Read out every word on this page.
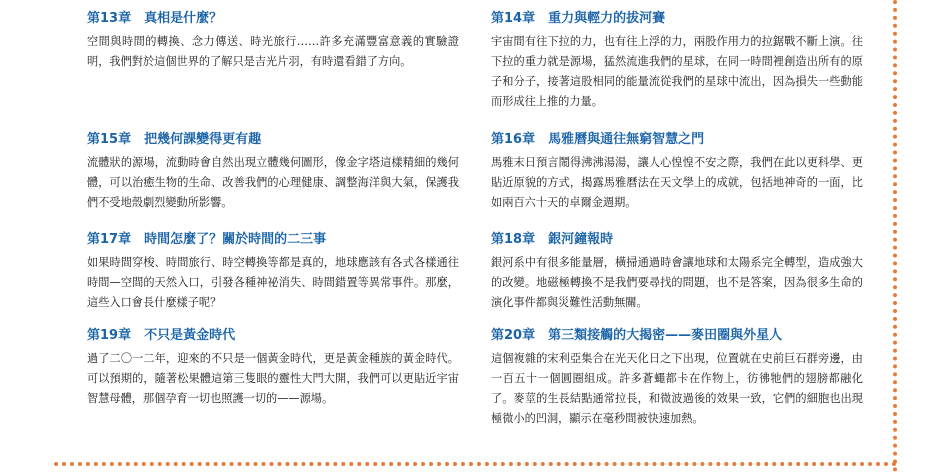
第13章　真相是什麼？

空間與時間的轉換、念力傳送、時光旅行……許多充滿豐富意義的實驗證明，我們對於這個世界的了解只是吉光片羽，有時還看錯了方向。

第14章　重力與輕力的拔河賽

宇宙間有往下拉的力，也有往上浮的力，兩股作用力的拉鋸戰不斷上演。往下拉的重力就是源場，猛然流進我們的星球，在同一時間裡創造出所有的原子和分子，接著這股相同的能量流從我們的星球中流出，因為損失一些動能而形成往上推的力量。

第15章　把幾何課變得更有趣

流體狀的源場，流動時會自然出現立體幾何圖形，像金字塔這樣精細的幾何體，可以治癒生物的生命、改善我們的心理健康、調整海洋與大氣，保護我們不受地殼劇烈變動所影響。

第16章　馬雅曆與通往無窮智慧之門

馬雅末日預言鬧得沸沸湯湯，讓人心惶惶不安之際，我們在此以更科學、更貼近原貌的方式，揭露馬雅曆法在天文學上的成就，包括地神奇的一面，比如兩百六十天的卓爾金週期。

第17章　時間怎麼了？關於時間的二三事

如果時間穿梭、時間旅行、時空轉換等都是真的，地球應該有各式各樣通往時間—空間的天然入口，引發各種神祕消失、時間錯置等異常事件。那麼，這些入口會長什麼樣子呢？

第18章　銀河鐘報時

銀河系中有很多能量層，橫掃通過時會讓地球和太陽系完全轉型，造成強大的改變。地磁極轉換不是我們要尋找的問題，也不是答案，因為很多生命的演化事件都與災難性活動無關。

第19章　不只是黃金時代

過了二〇一二年，迎來的不只是一個黃金時代，更是黃金種族的黃金時代。可以預期的，隨著松果體這第三隻眼的靈性大門大開，我們可以更貼近宇宙智慧母體，那個孕育一切也照護一切的——源場。

第20章　第三類接觸的大揭密——麥田圈與外星人

這個複雜的宋利亞集合在光天化日之下出現，位置就在史前巨石群旁邊，由一百五十一個圓圈組成。許多蒼蠅都卡在作物上，彷彿牠們的翅膀都融化了。麥莖的生長結點通常拉長，和微波過後的效果一致，它們的細胞也出現極微小的凹洞，顯示在毫秒間被快速加熱。
